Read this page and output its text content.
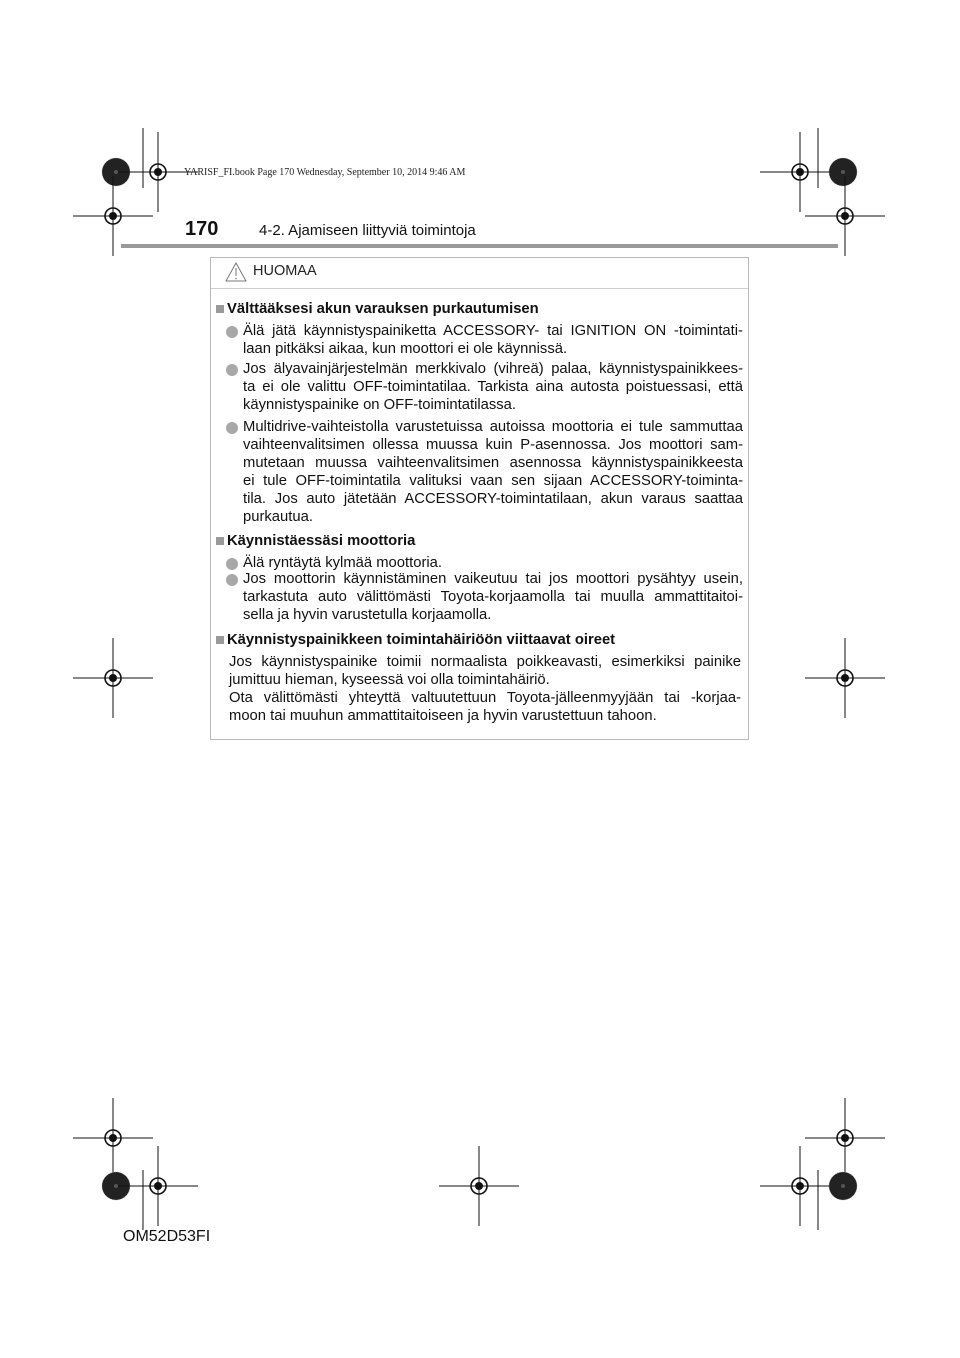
YARISF_FI.book Page 170 Wednesday, September 10, 2014 9:46 AM
170	4-2. Ajamiseen liittyviä toimintoja
HUOMAA
Välttääksesi akun varauksen purkautumisen
Älä jätä käynnistyspainiketta ACCESSORY- tai IGNITION ON -toimintati-
laan pitkäksi aikaa, kun moottori ei ole käynnissä.
Jos älyavainjärjestelmän merkkivalo (vihreä) palaa, käynnistyspainikkees-
ta ei ole valittu OFF-toimintatilaa. Tarkista aina autosta poistuessasi, että
käynnistyspainike on OFF-toimintatilassa.
Multidrive-vaihteistolla varustetuissa autoissa moottoria ei tule sammuttaa
vaihteenvalitsimen ollessa muussa kuin P-asennossa. Jos moottori sam-
mutetaan muussa vaihteenvalitsimen asennossa käynnistyspainikkeesta
ei tule OFF-toimintatila valituksi vaan sen sijaan ACCESSORY-toiminta-
tila. Jos auto jätetään ACCESSORY-toimintatilaan, akun varaus saattaa
purkautua.
Käynnistäessäsi moottoria
Älä ryntäytä kylmää moottoria.
Jos moottorin käynnistäminen vaikeutuu tai jos moottori pysähtyy usein,
tarkastuta auto välittömästi Toyota-korjaamolla tai muulla ammattitaitoi-
sella ja hyvin varustetulla korjaamolla.
Käynnistyspainikkeen toimintahäiriöön viittaavat oireet
Jos käynnistyspainike toimii normaalista poikkeavasti, esimerkiksi painike
jumittuu hieman, kyseessä voi olla toimintahäiriö.
Ota välittömästi yhteyttä valtuutettuun Toyota-jälleenmyyjään tai -korjaa-
moon tai muuhun ammattitaitoiseen ja hyvin varustettuun tahoon.
OM52D53FI
